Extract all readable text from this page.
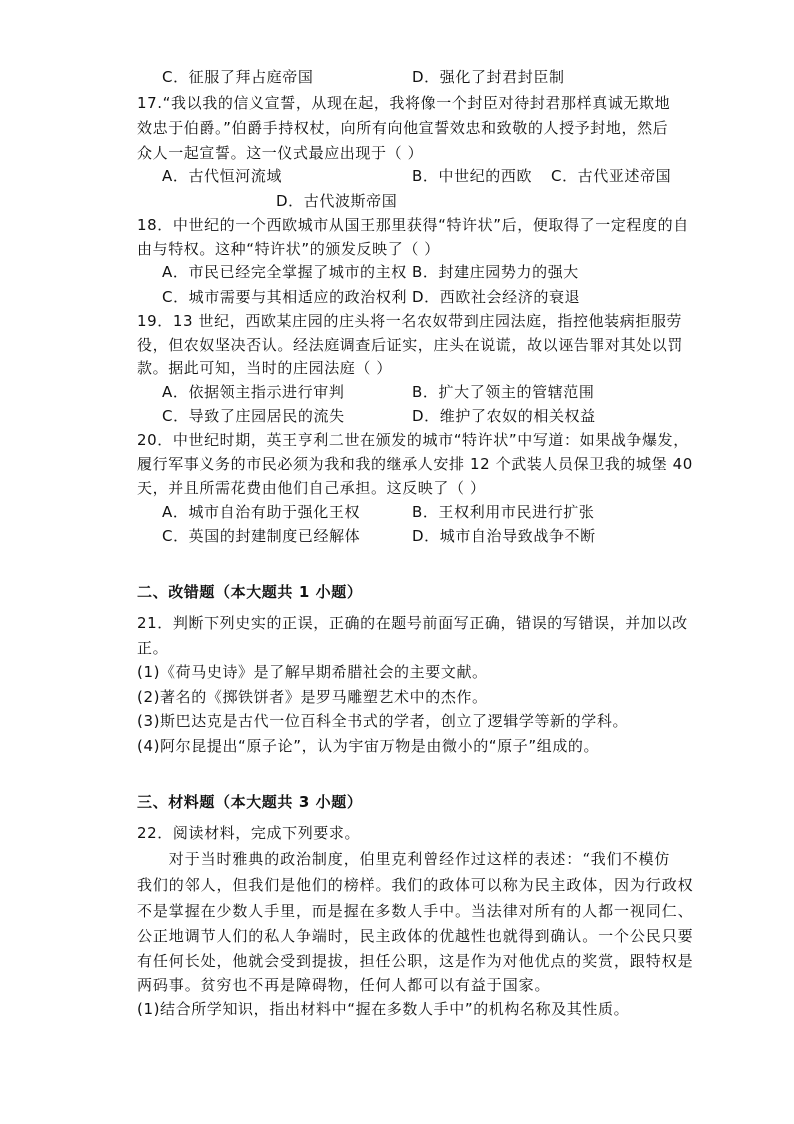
C．征服了拜占庭帝国	D．强化了封君封臣制
17.“我以我的信义宣誓，从现在起，我将像一个封臣对待封君那样真诚无欺地
效忠于伯爵。”伯爵手持权杖，向所有向他宣誓效忠和致敬的人授予封地，然后
众人一起宣誓。这一仪式最应出现于（ ）
A．古代恒河流域	B．中世纪的西欧 C．古代亚述帝国
D．古代波斯帝国
18．中世纪的一个西欧城市从国王那里获得“特许状”后，便取得了一定程度的自
由与特权。这种“特许状”的颁发反映了（ ）
A．市民已经完全掌握了城市的主权 B．封建庄园势力的强大
C．城市需要与其相适应的政治权利 D．西欧社会经济的衰退
19．13 世纪，西欧某庄园的庄头将一名农奴带到庄园法庭，指控他装病拒服劳
役，但农奴坚决否认。经法庭调查后证实，庄头在说谎，故以诬告罪对其处以罚
款。据此可知，当时的庄园法庭（ ）
A．依据领主指示进行审判	B．扩大了领主的管辖范围
C．导致了庄园居民的流失	D．维护了农奴的相关权益
20．中世纪时期，英王亨利二世在颁发的城市“特许状”中写道：如果战争爆发，
履行军事义务的市民必须为我和我的继承人安排 12 个武装人员保卫我的城堡 40
天，并且所需花费由他们自己承担。这反映了（ ）
A．城市自治有助于强化王权	B．王权利用市民进行扩张
C．英国的封建制度已经解体	D．城市自治导致战争不断
二、改错题（本大题共 1 小题）
21．判断下列史实的正误，正确的在题号前面写正确，错误的写错误，并加以改
正。
(1)《荷马史诗》是了解早期希腊社会的主要文献。
(2)著名的《掷铁饼者》是罗马雕塑艺术中的杰作。
(3)斯巴达克是古代一位百科全书式的学者，创立了逻辑学等新的学科。
(4)阿尔昆提出“原子论”，认为宇宙万物是由微小的“原子”组成的。
三、材料题（本大题共 3 小题）
22．阅读材料，完成下列要求。
　　对于当时雅典的政治制度，伯里克利曾经作过这样的表述：“我们不模仿
我们的邻人，但我们是他们的榜样。我们的政体可以称为民主政体，因为行政权
不是掌握在少数人手里，而是握在多数人手中。当法律对所有的人都一视同仁、
公正地调节人们的私人争端时，民主政体的优越性也就得到确认。一个公民只要
有任何长处，他就会受到提拔，担任公职，这是作为对他优点的奖赏，跟特权是
两码事。贫穷也不再是障碍物，任何人都可以有益于国家。
(1)结合所学知识，指出材料中“握在多数人手中”的机构名称及其性质。
